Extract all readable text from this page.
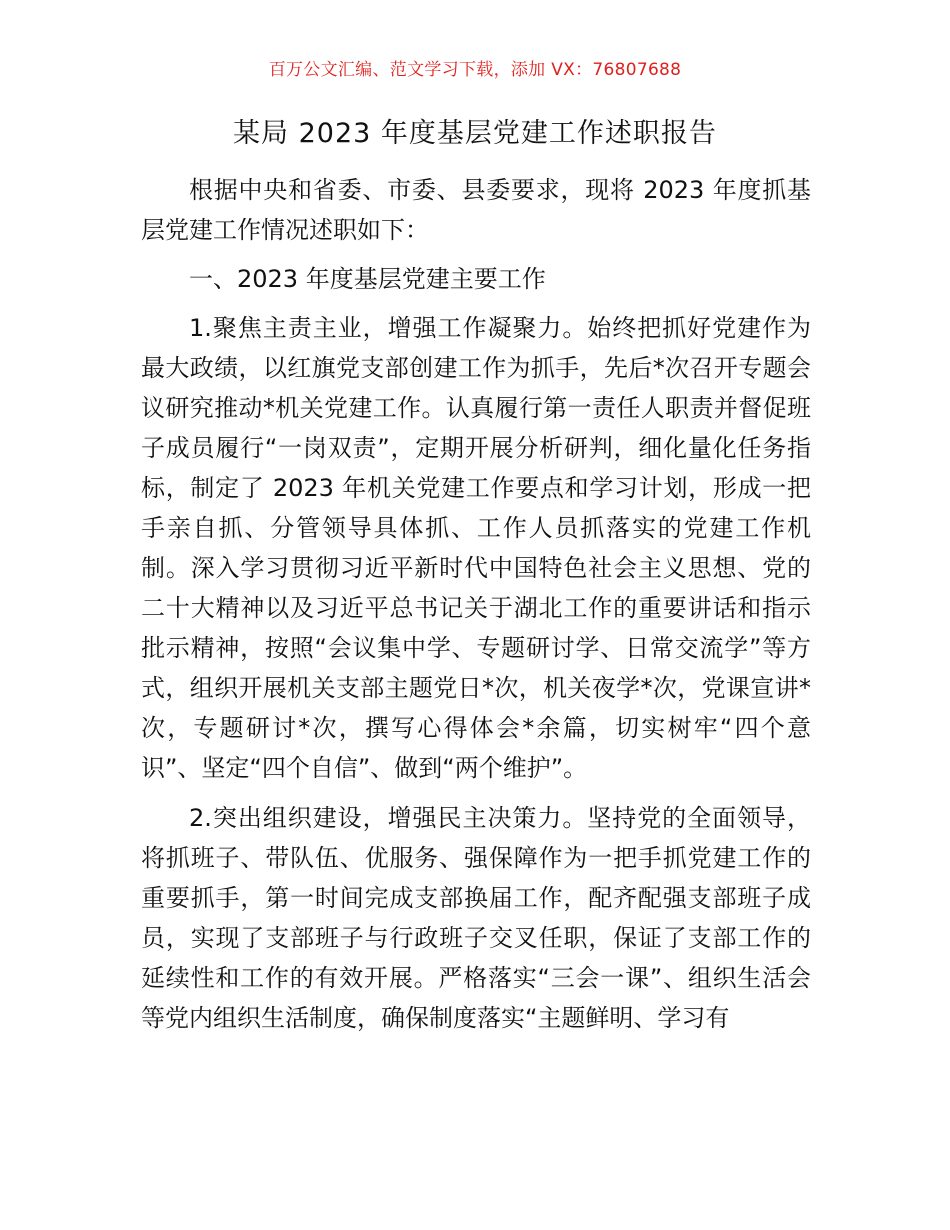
百万公文汇编、范文学习下载，添加 VX：76807688
某局 2023 年度基层党建工作述职报告

根据中央和省委、市委、县委要求，现将 2023 年度抓基层党建工作情况述职如下：

一、2023 年度基层党建主要工作

1.聚焦主责主业，增强工作凝聚力。始终把抓好党建作为最大政绩，以红旗党支部创建工作为抓手，先后*次召开专题会议研究推动*机关党建工作。认真履行第一责任人职责并督促班子成员履行“一岗双责”，定期开展分析研判，细化量化任务指标，制定了 2023 年机关党建工作要点和学习计划，形成一把手亲自抓、分管领导具体抓、工作人员抓落实的党建工作机制。深入学习贯彻习近平新时代中国特色社会主义思想、党的二十大精神以及习近平总书记关于湖北工作的重要讲话和指示批示精神，按照“会议集中学、专题研讨学、日常交流学”等方式，组织开展机关支部主题党日*次，机关夜学*次，党课宣讲*次，专题研讨*次，撰写心得体会*余篇，切实树牢“四个意识”、坚定“四个自信”、做到“两个维护”。

2.突出组织建设，增强民主决策力。坚持党的全面领导，将抓班子、带队伍、优服务、强保障作为一把手抓党建工作的重要抓手，第一时间完成支部换届工作，配齐配强支部班子成员，实现了支部班子与行政班子交叉任职，保证了支部工作的延续性和工作的有效开展。严格落实“三会一课”、组织生活会等党内组织生活制度，确保制度落实“主题鲜明、学习有
